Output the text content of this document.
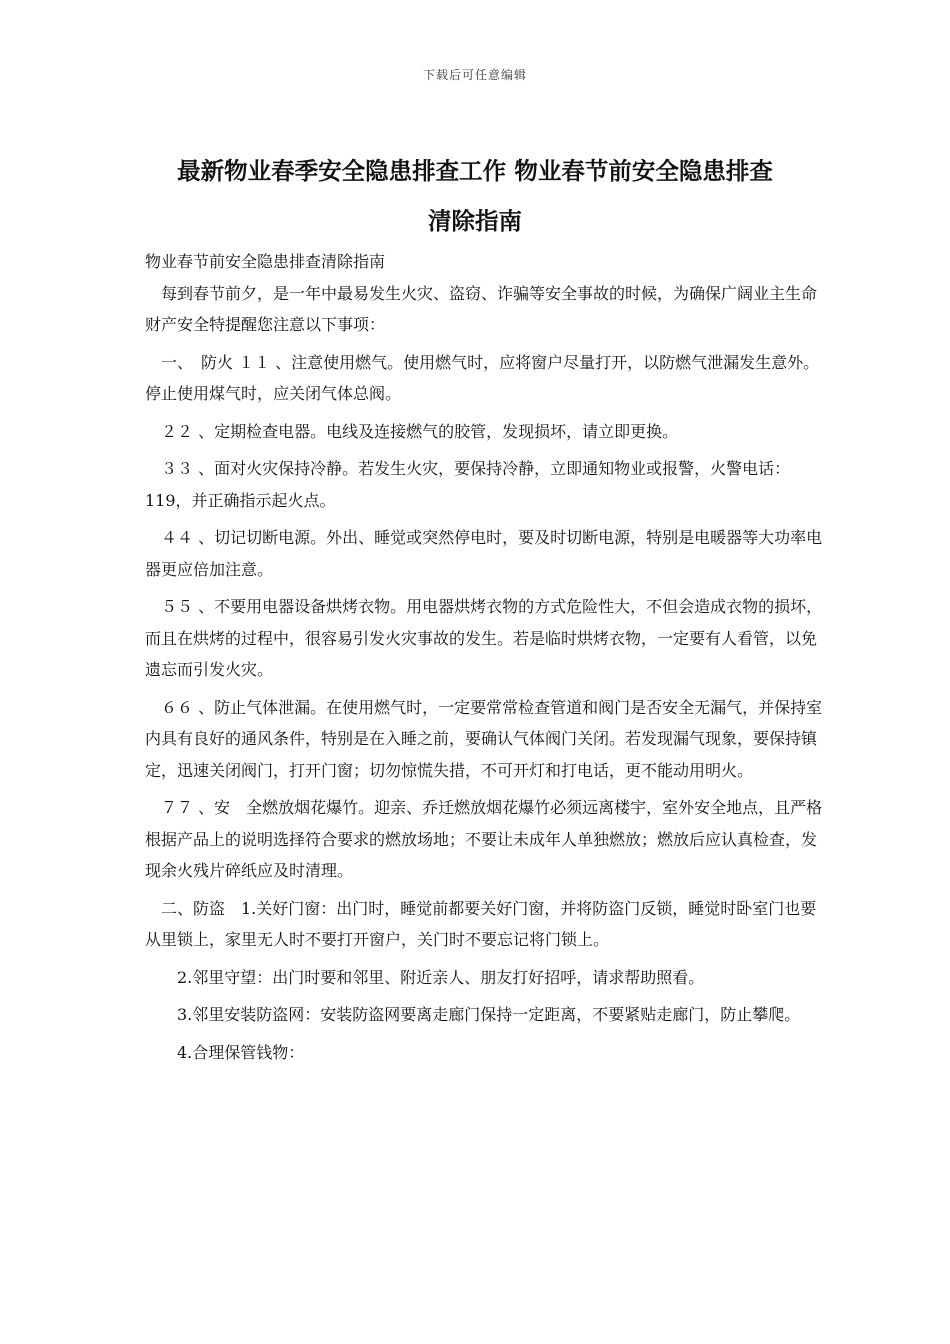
下载后可任意编辑
最新物业春季安全隐患排查工作 物业春节前安全隐患排查
清除指南

物业春节前安全隐患排查清除指南

　每到春节前夕，是一年中最易发生火灾、盗窃、诈骗等安全事故的时候，为确保广阔业主生命财产安全特提醒您注意以下事项：

　一、　防火 １１ 、注意使用燃气。使用燃气时，应将窗户尽量打开，以防燃气泄漏发生意外。停止使用煤气时，应关闭气体总阀。

　２２ 、定期检查电器。电线及连接燃气的胶管，发现损坏，请立即更换。

　３３ 、面对火灾保持冷静。若发生火灾，要保持冷静，立即通知物业或报警，火警电话：119，并正确指示起火点。

　４４ 、切记切断电源。外出、睡觉或突然停电时，要及时切断电源，特别是电暖器等大功率电器更应倍加注意。

　５５ 、不要用电器设备烘烤衣物。用电器烘烤衣物的方式危险性大，不但会造成衣物的损坏，而且在烘烤的过程中，很容易引发火灾事故的发生。若是临时烘烤衣物，一定要有人看管，以免遗忘而引发火灾。

　６６ 、防止气体泄漏。在使用燃气时，一定要常常检查管道和阀门是否安全无漏气，并保持室内具有良好的通风条件，特别是在入睡之前，要确认气体阀门关闭。若发现漏气现象，要保持镇定，迅速关闭阀门，打开门窗；切勿惊慌失措，不可开灯和打电话，更不能动用明火。

　７７ 、安　全燃放烟花爆竹。迎亲、乔迁燃放烟花爆竹必须远离楼宇，室外安全地点，且严格根据产品上的说明选择符合要求的燃放场地；不要让未成年人单独燃放；燃放后应认真检查，发现余火残片碎纸应及时清理。

　二、防盗　1.关好门窗：出门时，睡觉前都要关好门窗，并将防盗门反锁，睡觉时卧室门也要从里锁上，家里无人时不要打开窗户，关门时不要忘记将门锁上。

　　2.邻里守望：出门时要和邻里、附近亲人、朋友打好招呼，请求帮助照看。

　　3.邻里安装防盗网：安装防盗网要离走廊门保持一定距离，不要紧贴走廊门，防止攀爬。

　　4.合理保管钱物：
